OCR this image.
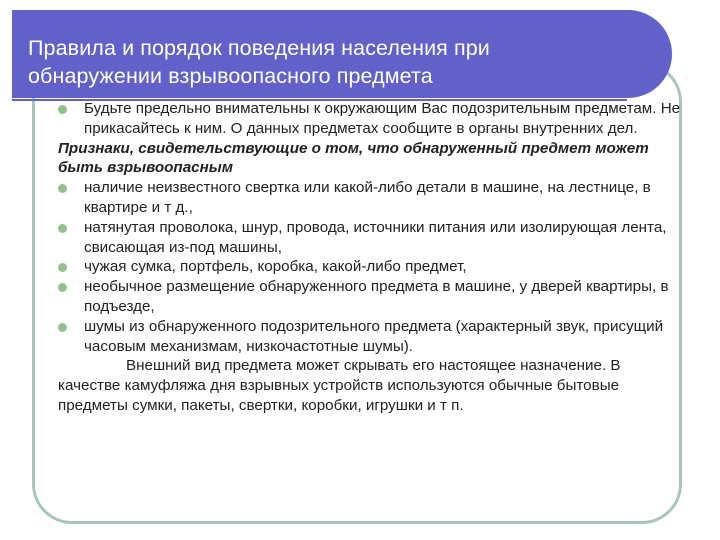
Правила и порядок поведения населения при
обнаружении взрывоопасного предмета
Будьте предельно внимательны к окружающим Вас подозрительным предметам. Не прикасайтесь к ним. О данных предметах сообщите в органы внутренних дел.
Признаки, свидетельствующие о том, что обнаруженный предмет может быть взрывоопасным
наличие неизвестного свертка или какой-либо детали в машине, на лестнице, в квартире и т д.,
натянутая проволока, шнур, провода, источники питания или изолирующая лента, свисающая из-под машины,
чужая сумка, портфель, коробка, какой-либо предмет,
необычное размещение обнаруженного предмета в машине, у дверей квартиры, в подъезде,
шумы из обнаруженного подозрительного предмета (характерный звук, присущий часовым механизмам, низкочастотные шумы).
Внешний вид предмета может скрывать его настоящее назначение. В качестве камуфляжа дня взрывных устройств используются обычные бытовые предметы сумки, пакеты, свертки, коробки, игрушки и т п.
